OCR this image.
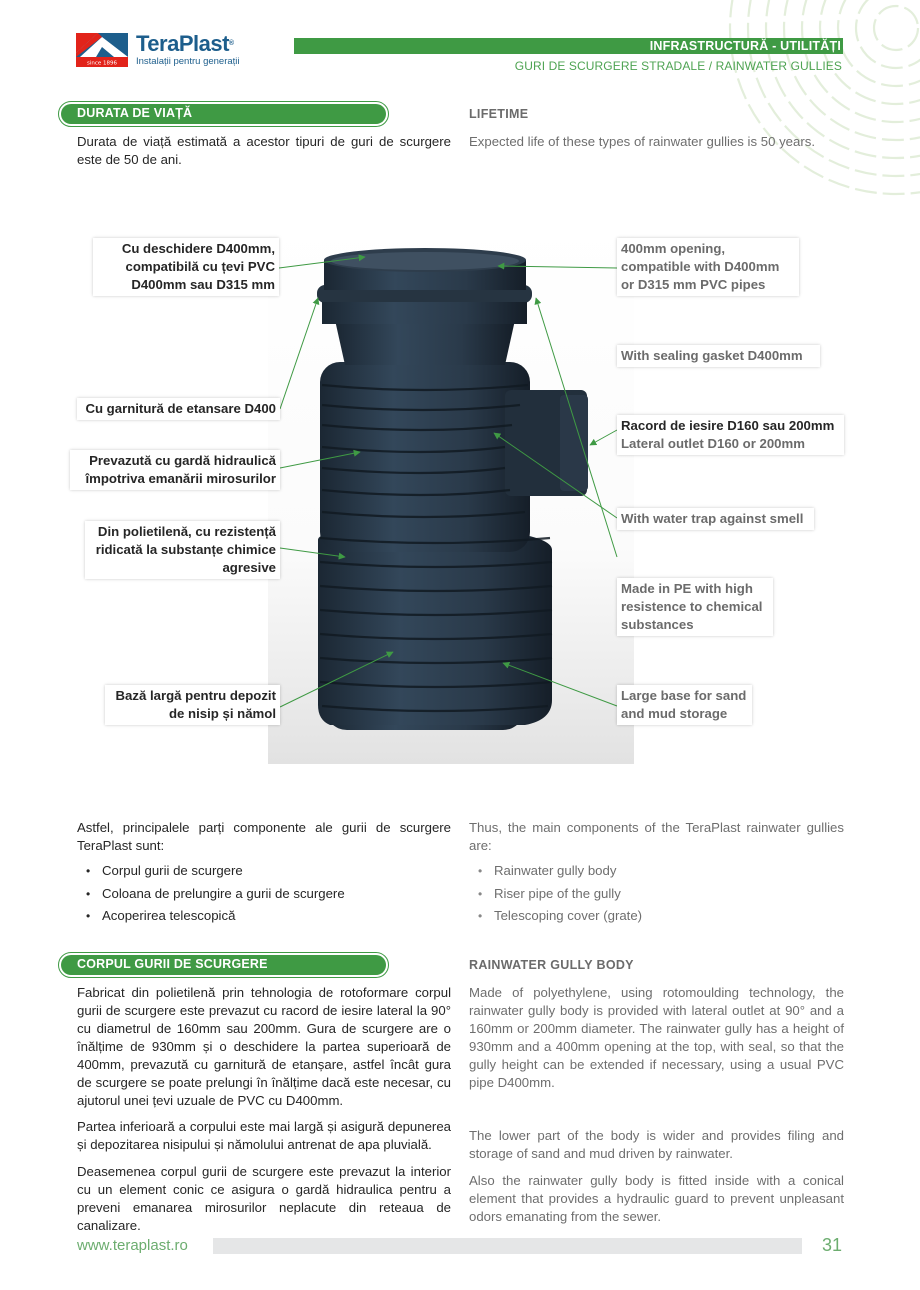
since 1896
TeraPlast®
Instalații pentru generații
INFRASTRUCTURĂ - UTILITĂȚI
GURI DE SCURGERE STRADALE / RAINWATER GULLIES
DURATA DE VIAȚĂ	LIFETIME

Durata de viață estimată a acestor tipuri de guri de scurgere este de 50 de ani.

Expected life of these types of rainwater gullies is 50 years.

Cu deschidere D400mm, compatibilă cu țevi PVC D400mm sau D315 mm
Cu garnitură de etansare D400
Prevazută cu gardă hidraulică împotriva emanării mirosurilor
Din polietilenă, cu rezistență ridicată la substanțe chimice agresive
Bază largă pentru depozit de nisip și nămol
400mm opening, compatible with D400mm or D315 mm PVC pipes
With sealing gasket D400mm
Racord de iesire D160 sau 200mm
Lateral outlet D160 or 200mm
With water trap against smell
Made in PE with high resistence to chemical substances
Large base for sand and mud storage

Astfel, principalele parți componente ale gurii de scurgere TeraPlast sunt:

• Corpul gurii de scurgere
• Coloana de prelungire a gurii de scurgere
• Acoperirea telescopică

Thus, the main components of the TeraPlast rainwater gullies are:

• Rainwater gully body
• Riser pipe of the gully
• Telescoping cover (grate)
CORPUL GURII DE SCURGERE	RAINWATER GULLY BODY

Fabricat din polietilenă prin tehnologia de rotoformare corpul gurii de scurgere este prevazut cu racord de iesire lateral la 90° cu diametrul de 160mm sau 200mm. Gura de scurgere are o înălțime de 930mm și o deschidere la partea superioară de 400mm, prevazută cu garnitură de etanșare, astfel încât gura de scurgere se poate prelungi în înălțime dacă este necesar, cu ajutorul unei țevi uzuale de PVC cu D400mm.

Partea inferioară a corpului este mai largă și asigură depunerea și depozitarea nisipului și nămolului antrenat de apa pluvială.

Deasemenea corpul gurii de scurgere este prevazut la interior cu un element conic ce asigura o gardă hidraulica pentru a preveni emanarea mirosurilor neplacute din reteaua de canalizare.

Made of polyethylene, using rotomoulding technology, the rainwater gully body is provided with lateral outlet at 90° and a 160mm or 200mm diameter. The rainwater gully has a height of 930mm and a 400mm opening at the top, with seal, so that the gully height can be extended if necessary, using a usual PVC pipe D400mm.

The lower part of the body is wider and provides filing and storage of sand and mud driven by rainwater.

Also the rainwater gully body is fitted inside with a conical element that provides a hydraulic guard to prevent unpleasant odors emanating from the sewer.

www.teraplast.ro	31
